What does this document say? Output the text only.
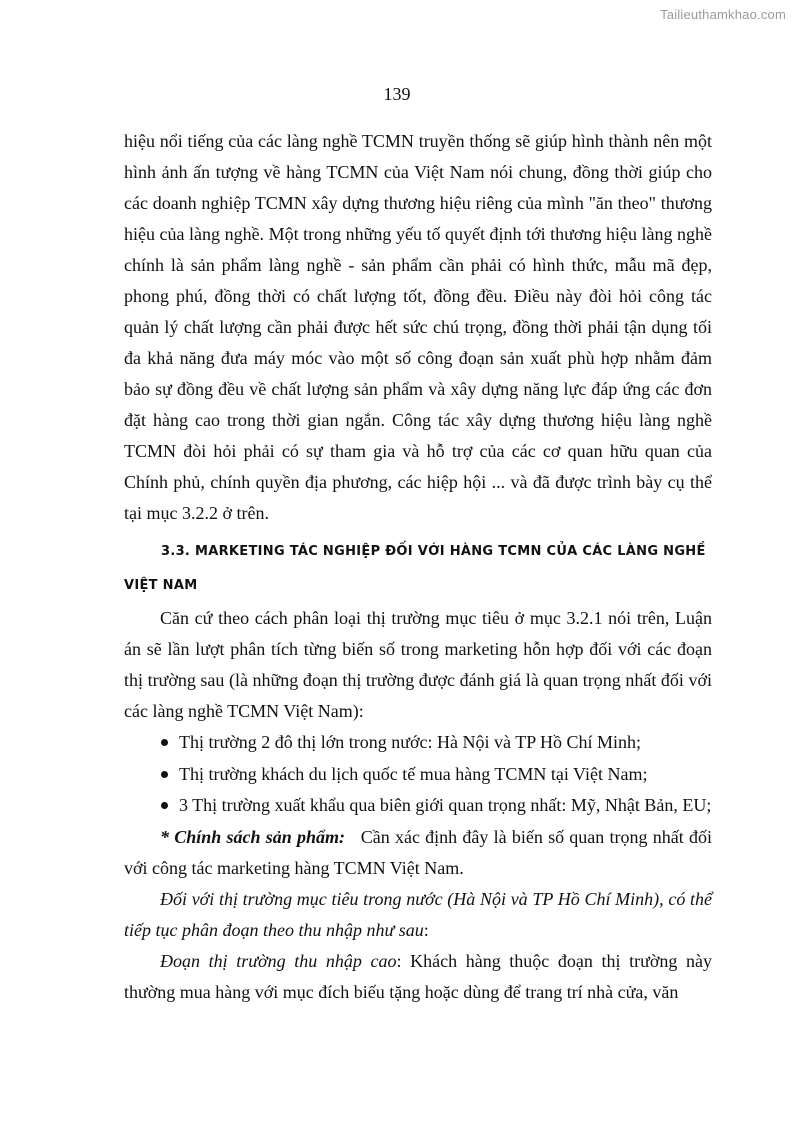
Tailieuthamkhao.com
139

hiệu nổi tiếng của các làng nghề TCMN truyền thống sẽ giúp hình thành nên một hình ảnh ấn tượng về hàng TCMN của Việt Nam nói chung, đồng thời giúp cho các doanh nghiệp TCMN xây dựng thương hiệu riêng của mình "ăn theo" thương hiệu của làng nghề. Một trong những yếu tố quyết định tới thương hiệu làng nghề chính là sản phẩm làng nghề - sản phẩm cần phải có hình thức, mẫu mã đẹp, phong phú, đồng thời có chất lượng tốt, đồng đều. Điều này đòi hỏi công tác quản lý chất lượng cần phải được hết sức chú trọng, đồng thời phải tận dụng tối đa khả năng đưa máy móc vào một số công đoạn sản xuất phù hợp nhằm đảm bảo sự đồng đều về chất lượng sản phẩm và xây dựng năng lực đáp ứng các đơn đặt hàng cao trong thời gian ngắn. Công tác xây dựng thương hiệu làng nghề TCMN đòi hỏi phải có sự tham gia và hỗ trợ của các cơ quan hữu quan của Chính phủ, chính quyền địa phương, các hiệp hội ... và đã được trình bày cụ thể tại mục 3.2.2 ở trên.

3.3. MARKETING TÁC NGHIỆP ĐỐI VỚI HÀNG TCMN CỦA CÁC LÀNG NGHỀ
VIỆT NAM

Căn cứ theo cách phân loại thị trường mục tiêu ở mục 3.2.1 nói trên, Luận án sẽ lần lượt phân tích từng biến số trong marketing hỗn hợp đối với các đoạn thị trường sau (là những đoạn thị trường được đánh giá là quan trọng nhất đối với các làng nghề TCMN Việt Nam):

Thị trường 2 đô thị lớn trong nước: Hà Nội và TP Hồ Chí Minh;
Thị trường khách du lịch quốc tế mua hàng TCMN tại Việt Nam;
3 Thị trường xuất khẩu qua biên giới quan trọng nhất: Mỹ, Nhật Bản, EU;

* Chính sách sản phẩm: Cần xác định đây là biến số quan trọng nhất đối với công tác marketing hàng TCMN Việt Nam.

Đối với thị trường mục tiêu trong nước (Hà Nội và TP Hồ Chí Minh), có thể tiếp tục phân đoạn theo thu nhập như sau:

Đoạn thị trường thu nhập cao: Khách hàng thuộc đoạn thị trường này thường mua hàng với mục đích biếu tặng hoặc dùng để trang trí nhà cửa, văn
